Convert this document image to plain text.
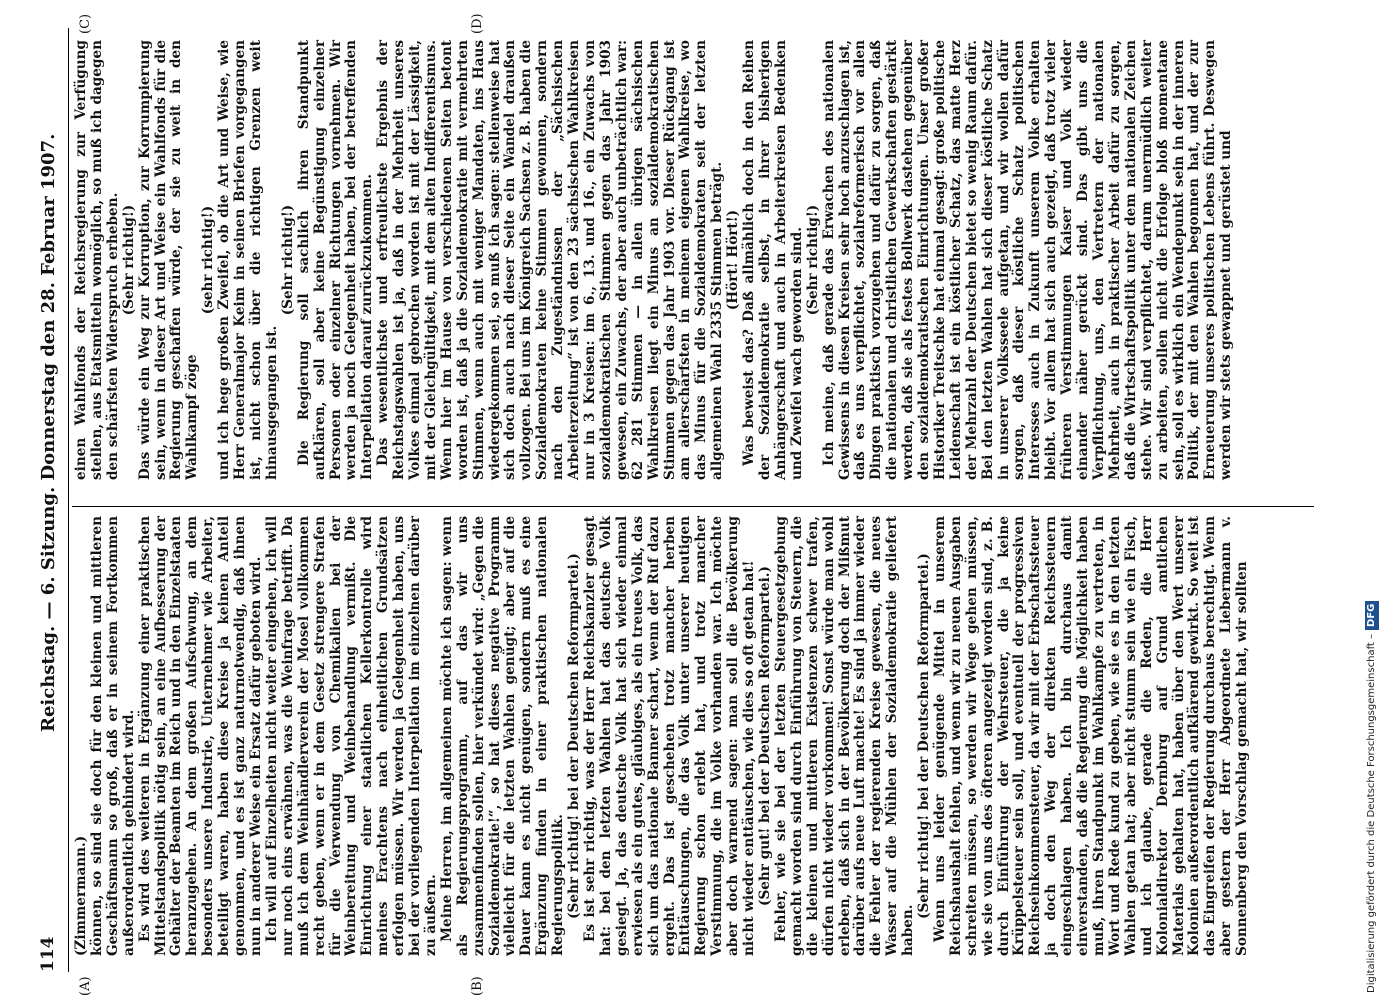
114
Reichstag. — 6. Sitzung. Donnerstag den 28. Februar 1907.
(A)	(B)
(C)	(D)

(Zimmermann.) können, so sind sie doch für den kleinen und mittleren Geschäftsmann so groß, daß er in seinem Fortkommen außerordentlich gehindert wird. Es wird des weiteren in Ergänzung einer praktischen Mittelstandspolitik nötig sein, an eine Aufbesserung der Gehälter der Beamten im Reich und in den Einzelstaaten heranzugehen. An dem großen Aufschwung, an dem besonders unsere Industrie, Unternehmer wie Arbeiter, beteiligt waren, haben diese Kreise ja keinen Anteil genommen, und es ist ganz naturnotwendig, daß ihnen nun in anderer Weise ein Ersatz dafür geboten wird. Ich will auf Einzelheiten nicht weiter eingehen, ich will nur noch eins erwähnen, was die Weinfrage betrifft. Da muß ich dem Weinhändlerverein der Mosel vollkommen recht geben, wenn er in dem Gesetz strengere Strafen für die Verwendung von Chemikalien bei der Weinbereitung und Weinbehandlung vermißt. Die Einrichtung einer staatlichen Kellerkontrolle wird meines Erachtens nach einheitlichen Grundsätzen erfolgen müssen. Wir werden ja Gelegenheit haben, uns bei der vorliegenden Interpellation im einzelnen darüber zu äußern. Meine Herren, im allgemeinen möchte ich sagen: wenn als Regierungsprogramm, auf das wir uns zusammenfinden sollen, hier verkündet wird: „Gegen die Sozialdemokratie!“, so hat dieses negative Programm vielleicht für die letzten Wahlen genügt; aber auf die Dauer kann es nicht genügen, sondern muß es eine Ergänzung finden in einer praktischen nationalen Regierungspolitik. (Sehr richtig! bei der Deutschen Reformpartei.) Es ist sehr richtig, was der Herr Reichskanzler gesagt hat: bei den letzten Wahlen hat das deutsche Volk gesiegt. Ja, das deutsche Volk hat sich wieder einmal erwiesen als ein gutes, gläubiges, als ein treues Volk, das sich um das nationale Banner schart, wenn der Ruf dazu ergeht. Das ist geschehen trotz mancher herben Enttäuschungen, die das Volk unter unserer heutigen Regierung schon erlebt hat, und trotz mancher Verstimmung, die im Volke vorhanden war. Ich möchte aber doch warnend sagen: man soll die Bevölkerung nicht wieder enttäuschen, wie dies so oft getan hat! (Sehr gut! bei der Deutschen Reformpartei.) Fehler, wie sie bei der letzten Steuergesetzgebung gemacht worden sind durch Einführung von Steuern, die die kleinen und mittleren Existenzen schwer trafen, dürfen nicht wieder vorkommen! Sonst würde man wohl erleben, daß sich in der Bevölkerung doch der Mißmut darüber aufs neue Luft machte! Es sind ja immer wieder die Fehler der regierenden Kreise gewesen, die neues Wasser auf die Mühlen der Sozialdemokratie geliefert haben.

(Sehr richtig! bei der Deutschen Reformpartei.) Wenn uns leider genügende Mittel in unserem Reichshaushalt fehlen, und wenn wir zu neuen Ausgaben schreiten müssen, so werden wir Wege gehen müssen, wie sie von uns des öfteren angezeigt worden sind, z. B. durch Einführung der Wehrsteuer, die ja keine Krüppelsteuer sein soll, und eventuell der progressiven Reichseinkommensteuer, da wir mit der Erbschaftssteuer ja doch den Weg der direkten Reichssteuern eingeschlagen haben. Ich bin durchaus damit einverstanden, daß die Regierung die Möglichkeit haben muß, ihren Standpunkt im Wahlkampfe zu vertreten, in Wort und Rede kund zu geben, wie sie es in den letzten Wahlen getan hat; aber nicht stumm sein wie ein Fisch, und ich glaube, gerade die Reden, die Herr Kolonialdirektor Dernburg auf Grund amtlichen Materials gehalten hat, haben über den Wert unserer Kolonien außerordentlich aufklärend gewirkt. So weit ist das Eingreifen der Regierung durchaus berechtigt. Wenn aber gestern der Herr Abgeordnete Liebermann v. Sonnenberg den Vorschlag gemacht hat, wir sollten

einen Wahlfonds der Reichsregierung zur Verfügung stellen, aus Etatsmitteln womöglich, so muß ich dagegen den schärfsten Widerspruch erheben. (Sehr richtig!) Das würde ein Weg zur Korruption, zur Korrumpierung sein, wenn in dieser Art und Weise ein Wahlfonds für die Regierung geschaffen würde, der sie zu weit in den Wahlkampf zöge

(sehr richtig!) und ich hege großen Zweifel, ob die Art und Weise, wie Herr Generalmajor Keim in seinen Briefen vorgegangen ist, nicht schon über die richtigen Grenzen weit hinausgegangen ist.

(Sehr richtig!) Die Regierung soll sachlich ihren Standpunkt aufklären, soll aber keine Begünstigung einzelner Personen oder einzelner Richtungen vornehmen. Wir werden ja noch Gelegenheit haben, bei der betreffenden Interpellation darauf zurückzukommen. Das wesentlichste und erfreulichste Ergebnis der Reichstagswahlen ist ja, daß in der Mehrheit unseres Volkes einmal gebrochen worden ist mit der Lässigkeit, mit der Gleichgültigkeit, mit dem alten Indifferentismus. Wenn hier im Hause von verschiedenen Seiten betont worden ist, daß ja die Sozialdemokratie mit vermehrten Stimmen, wenn auch mit weniger Mandaten, ins Haus wiedergekommen sei, so muß ich sagen: stellenweise hat sich doch auch nach dieser Seite ein Wandel draußen vollzogen. Bei uns im Königreich Sachsen z. B. haben die Sozialdemokraten keine Stimmen gewonnen, sondern nach den Zugeständnissen der „Sächsischen Arbeiterzeitung“ ist von den 23 sächsischen Wahlkreisen nur in 3 Kreisen: im 6., 13. und 16., ein Zuwachs von sozialdemokratischen Stimmen gegen das Jahr 1903 gewesen, ein Zuwachs, der aber auch unbeträchtlich war: 62 281 Stimmen — in allen übrigen sächsischen Wahlkreisen liegt ein Minus an sozialdemokratischen Stimmen gegen das Jahr 1903 vor. Dieser Rückgang ist am allerschärfsten in meinem eigenen Wahlkreise, wo das Minus für die Sozialdemokraten seit der letzten allgemeinen Wahl 2335 Stimmen beträgt. (Hört! Hört!) Was beweist das? Daß allmählich doch in den Reihen der Sozialdemokratie selbst, in ihrer bisherigen Anhängerschaft und auch in Arbeiterkreisen Bedenken und Zweifel wach geworden sind. (Sehr richtig!) Ich meine, daß gerade das Erwachen des nationalen Gewissens in diesen Kreisen sehr hoch anzuschlagen ist, daß es uns verpflichtet, sozialreformerisch vor allen Dingen praktisch vorzugehen und dafür zu sorgen, daß die nationalen und christlichen Gewerkschaften gestärkt werden, daß sie als festes Bollwerk dastehen gegenüber den sozialdemokratischen Einrichtungen. Unser großer Historiker Treitschke hat einmal gesagt: große politische Leidenschaft ist ein köstlicher Schatz, das matte Herz der Mehrzahl der Deutschen bietet so wenig Raum dafür. Bei den letzten Wahlen hat sich dieser köstliche Schatz in unserer Volksseele aufgetan, und wir wollen dafür sorgen, daß dieser köstliche Schatz politischen Interesses auch in Zukunft unserem Volke erhalten bleibt. Vor allem hat sich auch gezeigt, daß trotz vieler früheren Verstimmungen Kaiser und Volk wieder einander näher gerückt sind. Das gibt uns die Verpflichtung, uns, den Vertretern der nationalen Mehrheit, auch in praktischer Arbeit dafür zu sorgen, daß die Wirtschaftspolitik unter dem nationalen Zeichen stehe. Wir sind verpflichtet, darum unermüdlich weiter zu arbeiten, sollen nicht die Erfolge bloß momentane sein, soll es wirklich ein Wendepunkt sein in der inneren Politik, der mit den Wahlen begonnen hat, und der zur Erneuerung unseres politischen Lebens führt. Deswegen werden wir stets gewappnet und gerüstet und

Digitalisierung gefördert durch die Deutsche Forschungsgemeinschaft –DFG
